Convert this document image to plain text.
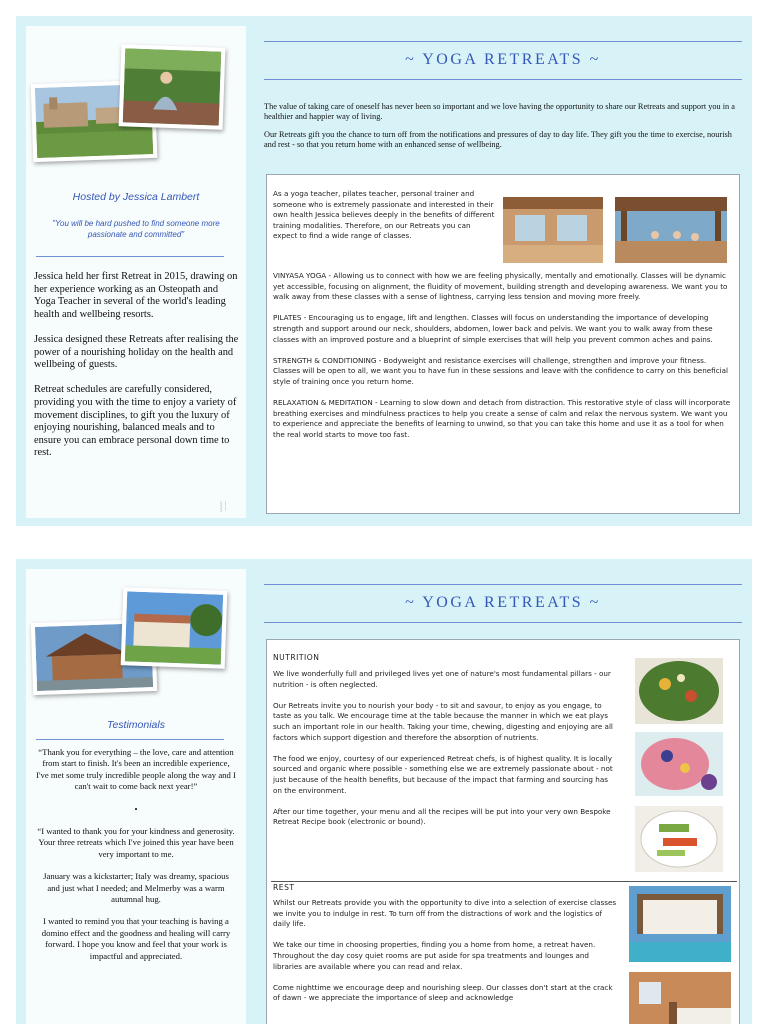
Hosted by Jessica Lambert
"You will be hard pushed to find someone more passionate and committed"

Jessica held her first Retreat in 2015, drawing on her experience working as an Osteopath and Yoga Teacher in several of the world's leading health and wellbeing resorts.

Jessica designed these Retreats after realising the power of a nourishing holiday on the health and wellbeing of guests.

Retreat schedules are carefully considered, providing you with the time to enjoy a variety of movement disciplines, to gift you the luxury of enjoying nourishing, balanced meals and to ensure you can embrace personal down time to rest.

⸾⏐
~ YOGA RETREATS ~

The value of taking care of oneself has never been so important and we love having the opportunity to share our Retreats and support you in a healthier and happier way of living.

Our Retreats gift you the chance to turn off from the notifications and pressures of day to day life. They gift you the time to exercise, nourish and rest - so that you return home with an enhanced sense of wellbeing.

As a yoga teacher, pilates teacher, personal trainer and someone who is extremely passionate and interested in their own health Jessica believes deeply in the benefits of different training modalities. Therefore, on our Retreats you can expect to find a wide range of classes.

VINYASA YOGA - Allowing us to connect with how we are feeling physically, mentally and emotionally. Classes will be dynamic yet accessible, focusing on alignment, the fluidity of movement, building strength and developing awareness. We want you to walk away from these classes with a sense of lightness, carrying less tension and moving more freely.

PILATES - Encouraging us to engage, lift and lengthen. Classes will focus on understanding the importance of developing strength and support around our neck, shoulders, abdomen, lower back and pelvis. We want you to walk away from these classes with an improved posture and a blueprint of simple exercises that will help you prevent common aches and pains.

STRENGTH & CONDITIONING - Bodyweight and resistance exercises will challenge, strengthen and improve your fitness. Classes will be open to all, we want you to have fun in these sessions and leave with the confidence to carry on this beneficial style of training once you return home.

RELAXATION & MEDITATION - Learning to slow down and detach from distraction. This restorative style of class will incorporate breathing exercises and mindfulness practices to help you create a sense of calm and relax the nervous system. We want you to experience and appreciate the benefits of learning to unwind, so that you can take this home and use it as a tool for when the real world starts to move too fast.

Testimonials

“Thank you for everything – the love, care and attention from start to finish. It's been an incredible experience, I've met some truly incredible people along the way and I can't wait to come back next year!”

•

“I wanted to thank you for your kindness and generosity. Your three retreats which I've joined this year have been very important to me.

January was a kickstarter; Italy was dreamy, spacious and just what I needed; and Melmerby was a warm autumnal hug.

I wanted to remind you that your teaching is having a domino effect and the goodness and healing will carry forward. I hope you know and feel that your work is impactful and appreciated.

~ YOGA RETREATS ~
NUTRITION

We live wonderfully full and privileged lives yet one of nature's most fundamental pillars - our nutrition - is often neglected.

Our Retreats invite you to nourish your body - to sit and savour, to enjoy as you engage, to taste as you talk. We encourage time at the table because the manner in which we eat plays such an important role in our health. Taking your time, chewing, digesting and enjoying are all factors which support digestion and therefore the absorption of nutrients.

The food we enjoy, courtesy of our experienced Retreat chefs, is of highest quality. It is locally sourced and organic where possible - something else we are extremely passionate about - not just because of the health benefits, but because of the impact that farming and sourcing has on the environment.

After our time together, your menu and all the recipes will be put into your very own Bespoke Retreat Recipe book (electronic or bound).

REST

Whilst our Retreats provide you with the opportunity to dive into a selection of exercise classes we invite you to indulge in rest. To turn off from the distractions of work and the logistics of daily life.

We take our time in choosing properties, finding you a home from home, a retreat haven. Throughout the day cosy quiet rooms are put aside for spa treatments and lounges and libraries are available where you can read and relax.

Come nighttime we encourage deep and nourishing sleep. Our classes don't start at the crack of dawn - we appreciate the importance of sleep and acknowledge
